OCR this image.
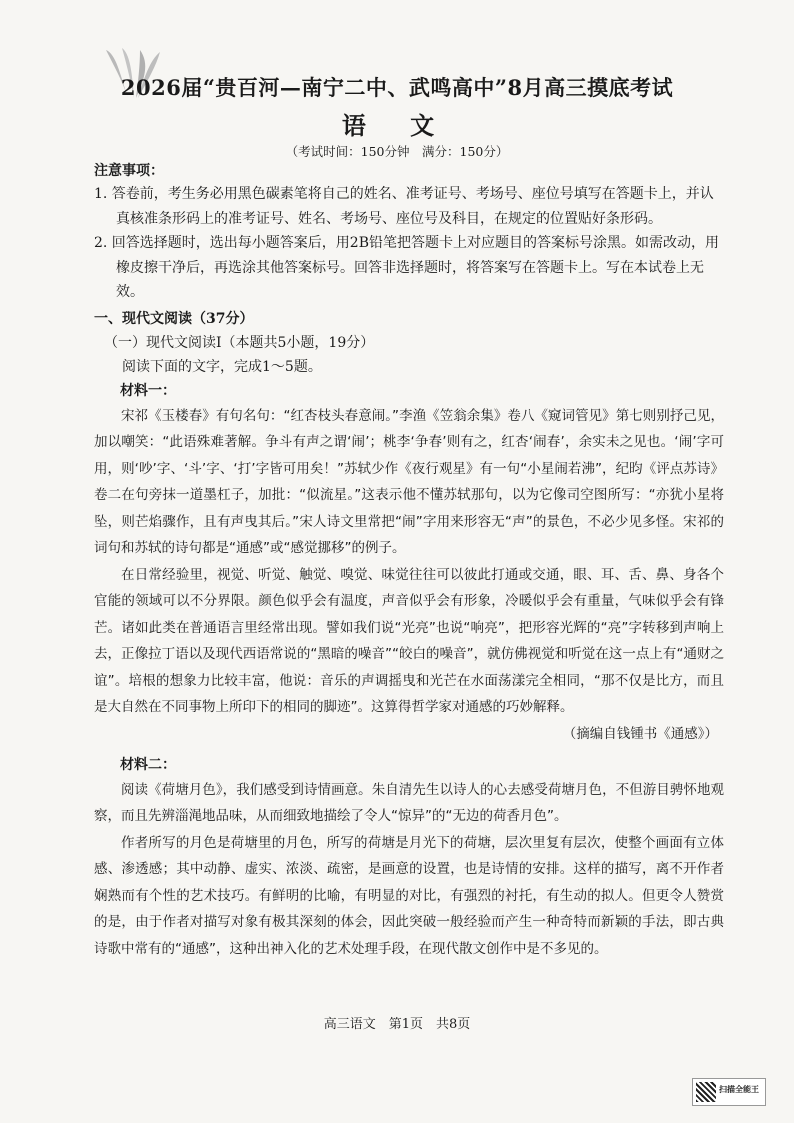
2026届“贵百河—南宁二中、武鸣高中”8月高三摸底考试
语 文
（考试时间：150分钟　满分：150分）
注意事项：
1. 答卷前，考生务必用黑色碳素笔将自己的姓名、准考证号、考场号、座位号填写在答题卡上，并认真核准条形码上的准考证号、姓名、考场号、座位号及科目，在规定的位置贴好条形码。
2. 回答选择题时，选出每小题答案后，用2B铅笔把答题卡上对应题目的答案标号涂黑。如需改动，用橡皮擦干净后，再选涂其他答案标号。回答非选择题时，将答案写在答题卡上。写在本试卷上无效。
一、现代文阅读（37分）
（一）现代文阅读Ⅰ（本题共5小题，19分）
阅读下面的文字，完成1～5题。
材料一：

宋祁《玉楼春》有句名句：“红杏枝头春意闹。”李渔《笠翁余集》卷八《窥词管见》第七则别抒己见，加以嘲笑：“此语殊难著解。争斗有声之谓‘闹’；桃李‘争春’则有之，红杏‘闹春’，余实未之见也。‘闹’字可用，则‘吵’字、‘斗’字、‘打’字皆可用矣！”苏轼少作《夜行观星》有一句“小星闹若沸”，纪昀《评点苏诗》卷二在句旁抹一道墨杠子，加批：“似流星。”这表示他不懂苏轼那句，以为它像司空图所写：“亦犹小星将坠，则芒焰骤作，且有声曳其后。”宋人诗文里常把“闹”字用来形容无“声”的景色，不必少见多怪。宋祁的词句和苏轼的诗句都是“通感”或“感觉挪移”的例子。

在日常经验里，视觉、听觉、触觉、嗅觉、味觉往往可以彼此打通或交通，眼、耳、舌、鼻、身各个官能的领域可以不分界限。颜色似乎会有温度，声音似乎会有形象，冷暖似乎会有重量，气味似乎会有锋芒。诸如此类在普通语言里经常出现。譬如我们说“光亮”也说“响亮”，把形容光辉的“亮”字转移到声响上去，正像拉丁语以及现代西语常说的“黑暗的噪音”“皎白的噪音”，就仿佛视觉和听觉在这一点上有“通财之谊”。培根的想象力比较丰富，他说：音乐的声调摇曳和光芒在水面荡漾完全相同，“那不仅是比方，而且是大自然在不同事物上所印下的相同的脚迹”。这算得哲学家对通感的巧妙解释。

（摘编自钱锺书《通感》）
材料二：

阅读《荷塘月色》，我们感受到诗情画意。朱自清先生以诗人的心去感受荷塘月色，不但游目骋怀地观察，而且先辨淄渑地品味，从而细致地描绘了令人“惊异”的“无边的荷香月色”。

作者所写的月色是荷塘里的月色，所写的荷塘是月光下的荷塘，层次里复有层次，使整个画面有立体感、渗透感；其中动静、虚实、浓淡、疏密，是画意的设置，也是诗情的安排。这样的描写，离不开作者娴熟而有个性的艺术技巧。有鲜明的比喻，有明显的对比，有强烈的衬托，有生动的拟人。但更令人赞赏的是，由于作者对描写对象有极其深刻的体会，因此突破一般经验而产生一种奇特而新颖的手法，即古典诗歌中常有的“通感”，这种出神入化的艺术处理手段，在现代散文创作中是不多见的。

高三语文　第1页　共8页
扫描全能王
